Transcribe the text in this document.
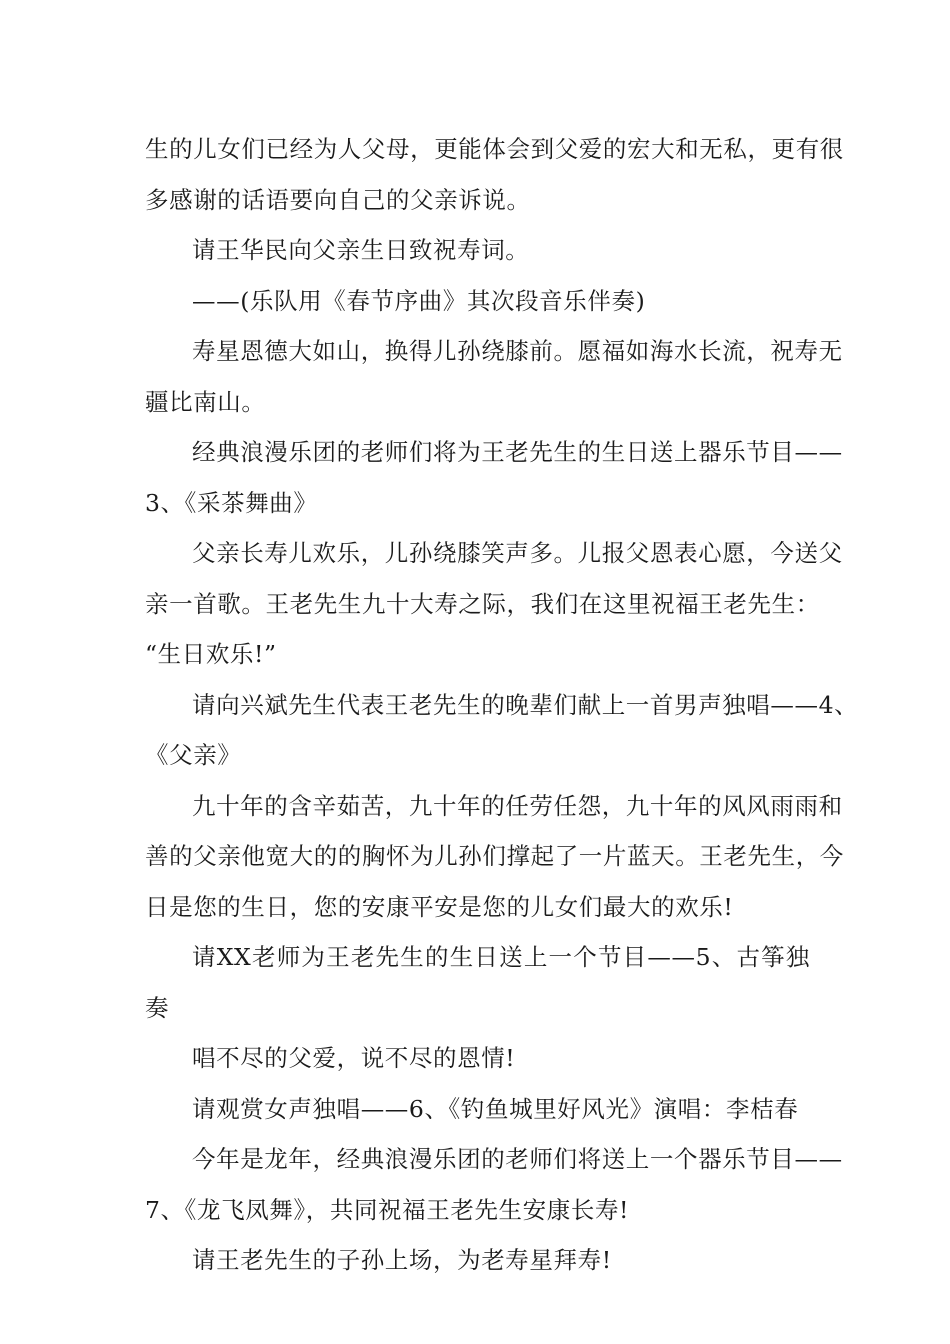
生的儿女们已经为人父母，更能体会到父爱的宏大和无私，更有很
多感谢的话语要向自己的父亲诉说。

请王华民向父亲生日致祝寿词。

——(乐队用《春节序曲》其次段音乐伴奏)

寿星恩德大如山，换得儿孙绕膝前。愿福如海水长流，祝寿无
疆比南山。

经典浪漫乐团的老师们将为王老先生的生日送上器乐节目——
3、《采茶舞曲》

父亲长寿儿欢乐，儿孙绕膝笑声多。儿报父恩表心愿，今送父
亲一首歌。王老先生九十大寿之际，我们在这里祝福王老先生：
“生日欢乐!”

请向兴斌先生代表王老先生的晚辈们献上一首男声独唱——4、
《父亲》

九十年的含辛茹苦，九十年的任劳任怨，九十年的风风雨雨和
善的父亲他宽大的的胸怀为儿孙们撑起了一片蓝天。王老先生，今
日是您的生日，您的安康平安是您的儿女们最大的欢乐!

请XX老师为王老先生的生日送上一个节目——5、古筝独奏

唱不尽的父爱，说不尽的恩情!

请观赏女声独唱——6、《钓鱼城里好风光》演唱：李桔春

今年是龙年，经典浪漫乐团的老师们将送上一个器乐节目——
7、《龙飞凤舞》，共同祝福王老先生安康长寿!

请王老先生的子孙上场，为老寿星拜寿!
